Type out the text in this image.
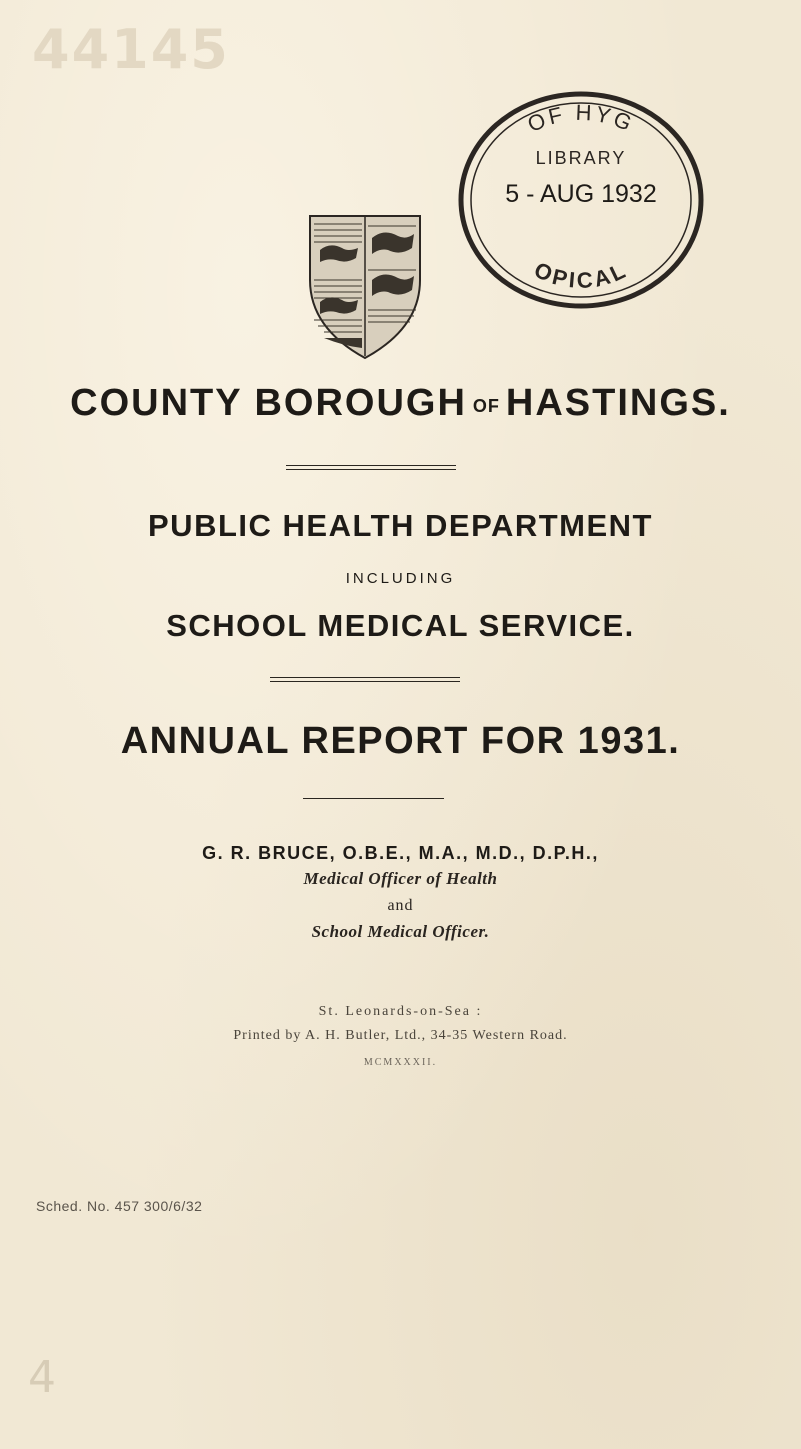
44145
OF HYG
LIBRARY
5 - AUG 1932
OPICAL
COUNTY BOROUGH OF HASTINGS.
PUBLIC HEALTH DEPARTMENT
INCLUDING
SCHOOL MEDICAL SERVICE.
ANNUAL REPORT FOR 1931.
G. R. BRUCE, O.B.E., M.A., M.D., D.P.H.,
Medical Officer of Health
and
School Medical Officer.
St. Leonards-on-Sea :
Printed by A. H. Butler, Ltd., 34-35 Western Road.
MCMXXXII.
Sched. No. 457 300/6/32
4
